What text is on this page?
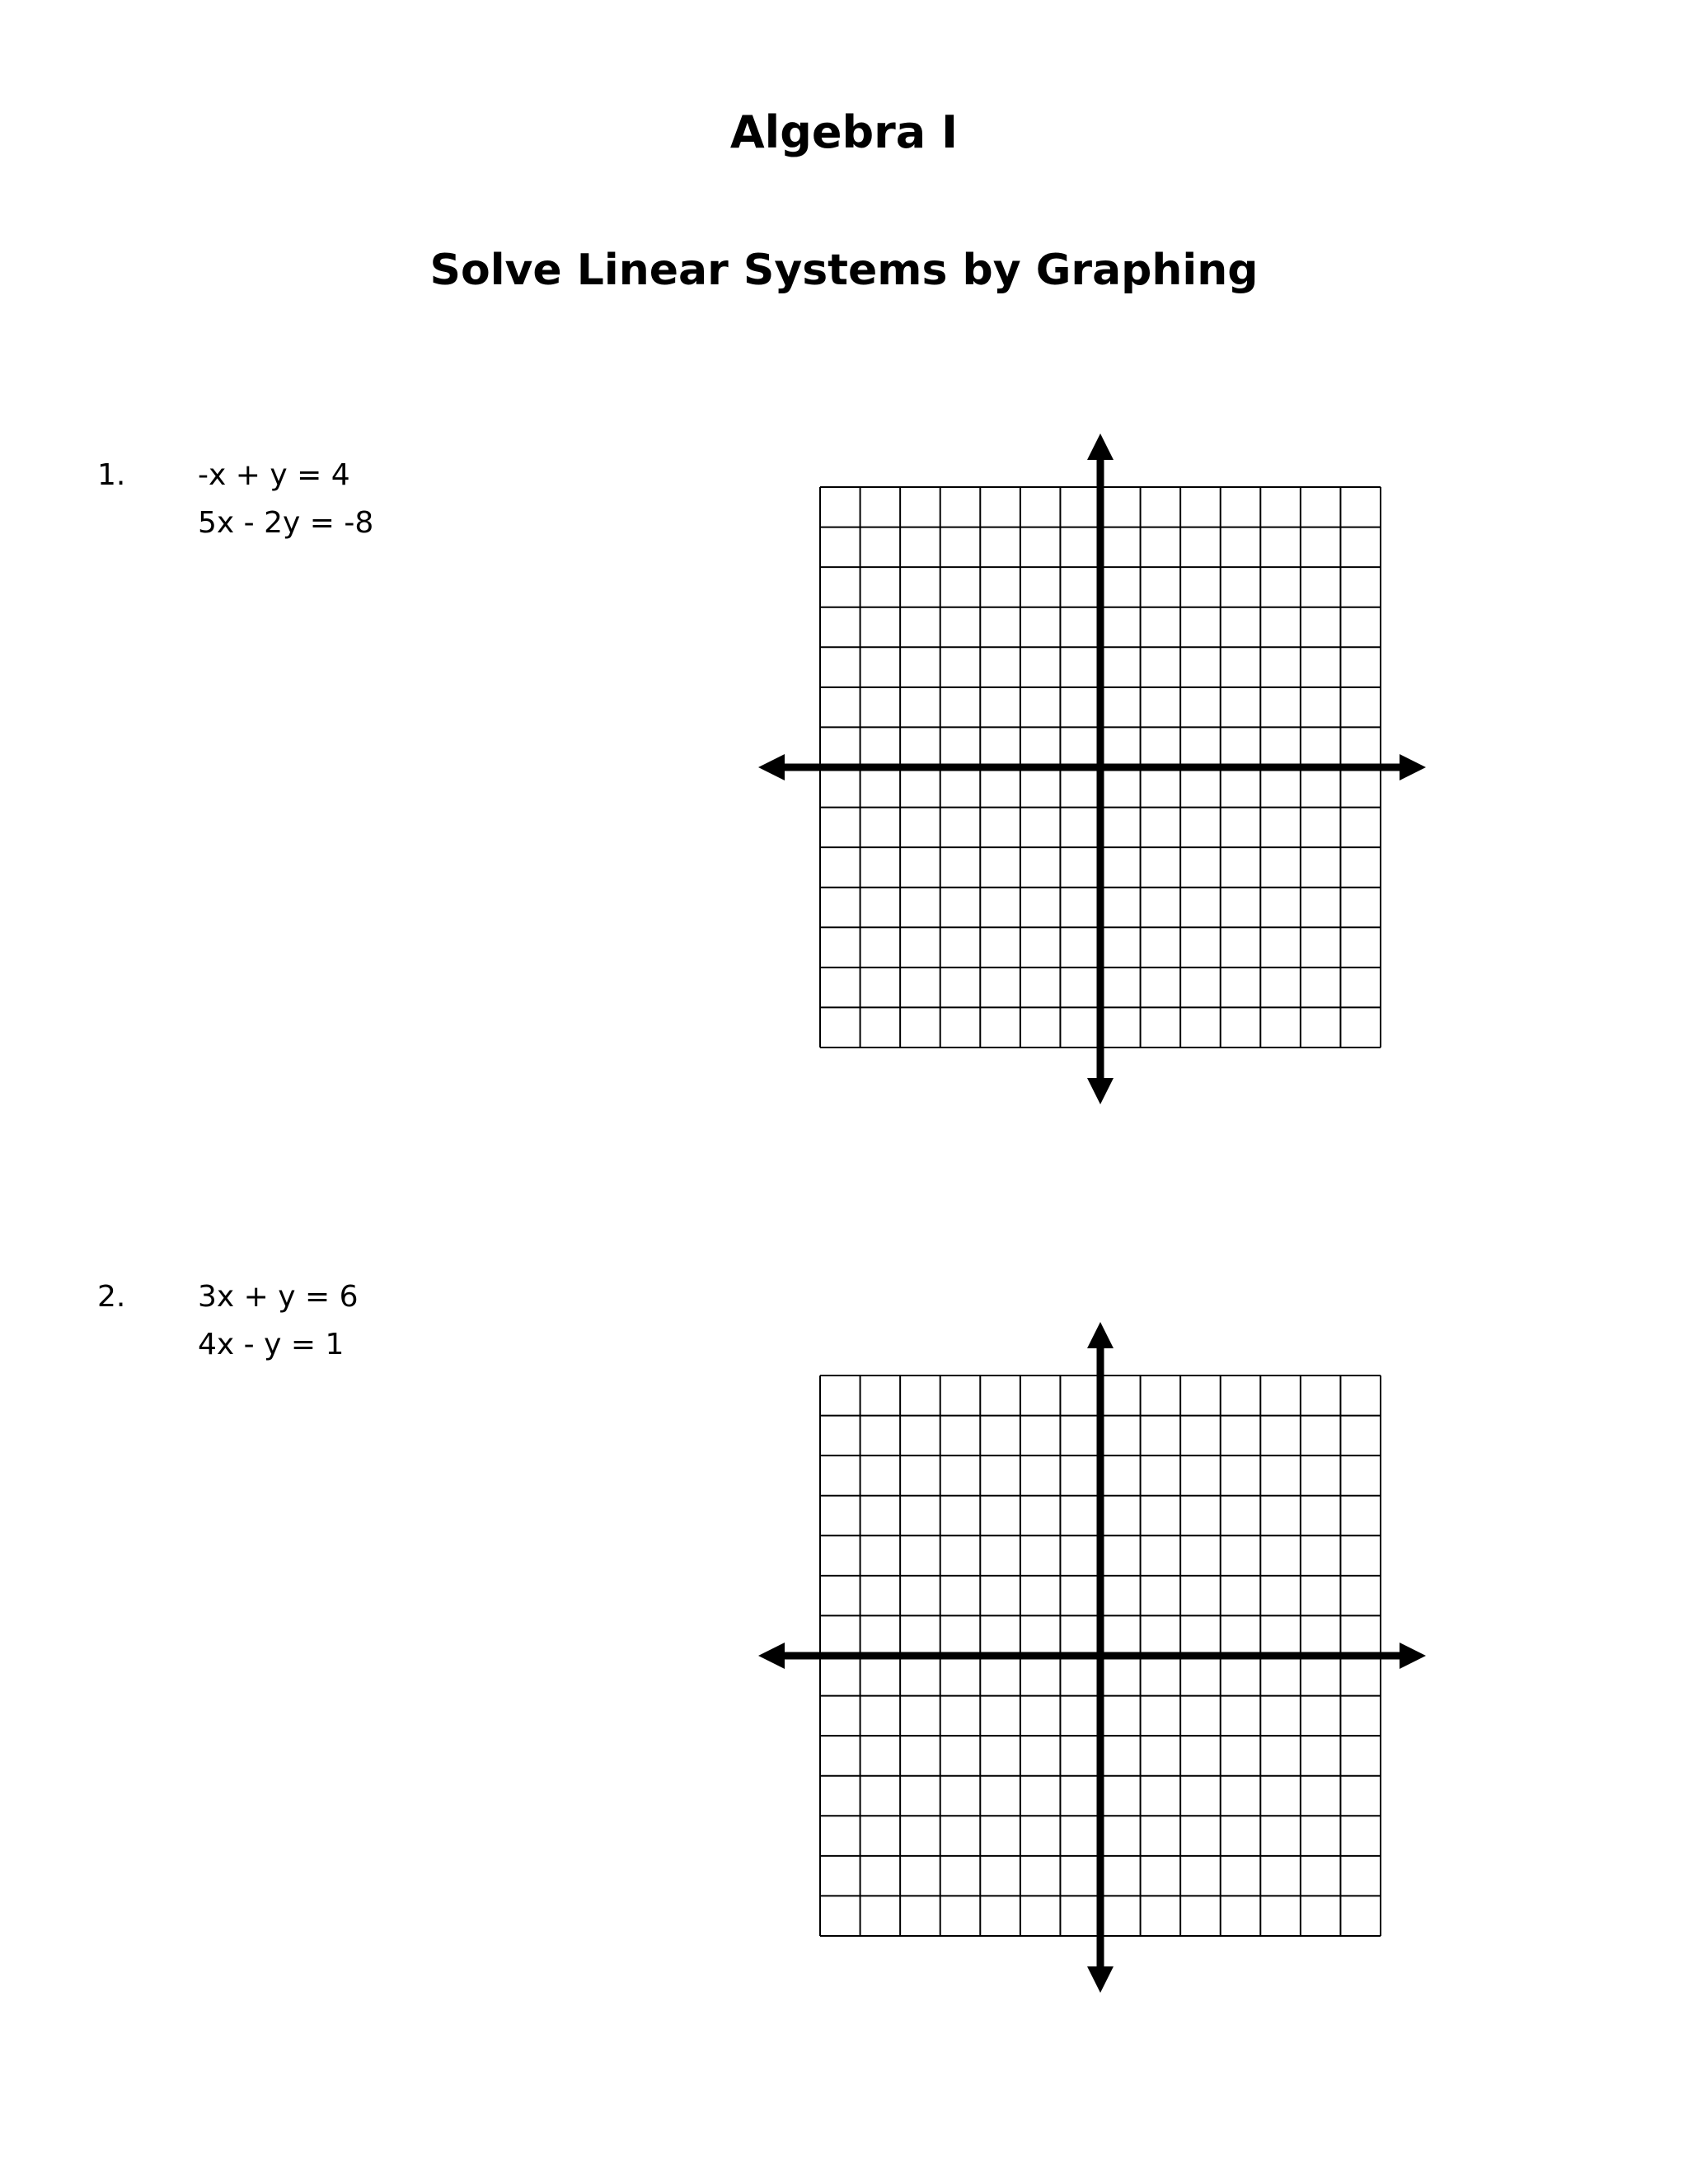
Algebra I
Solve Linear Systems by Graphing
1. -x + y = 4
5x - 2y = -8
2. 3x + y = 6
4x - y = 1
